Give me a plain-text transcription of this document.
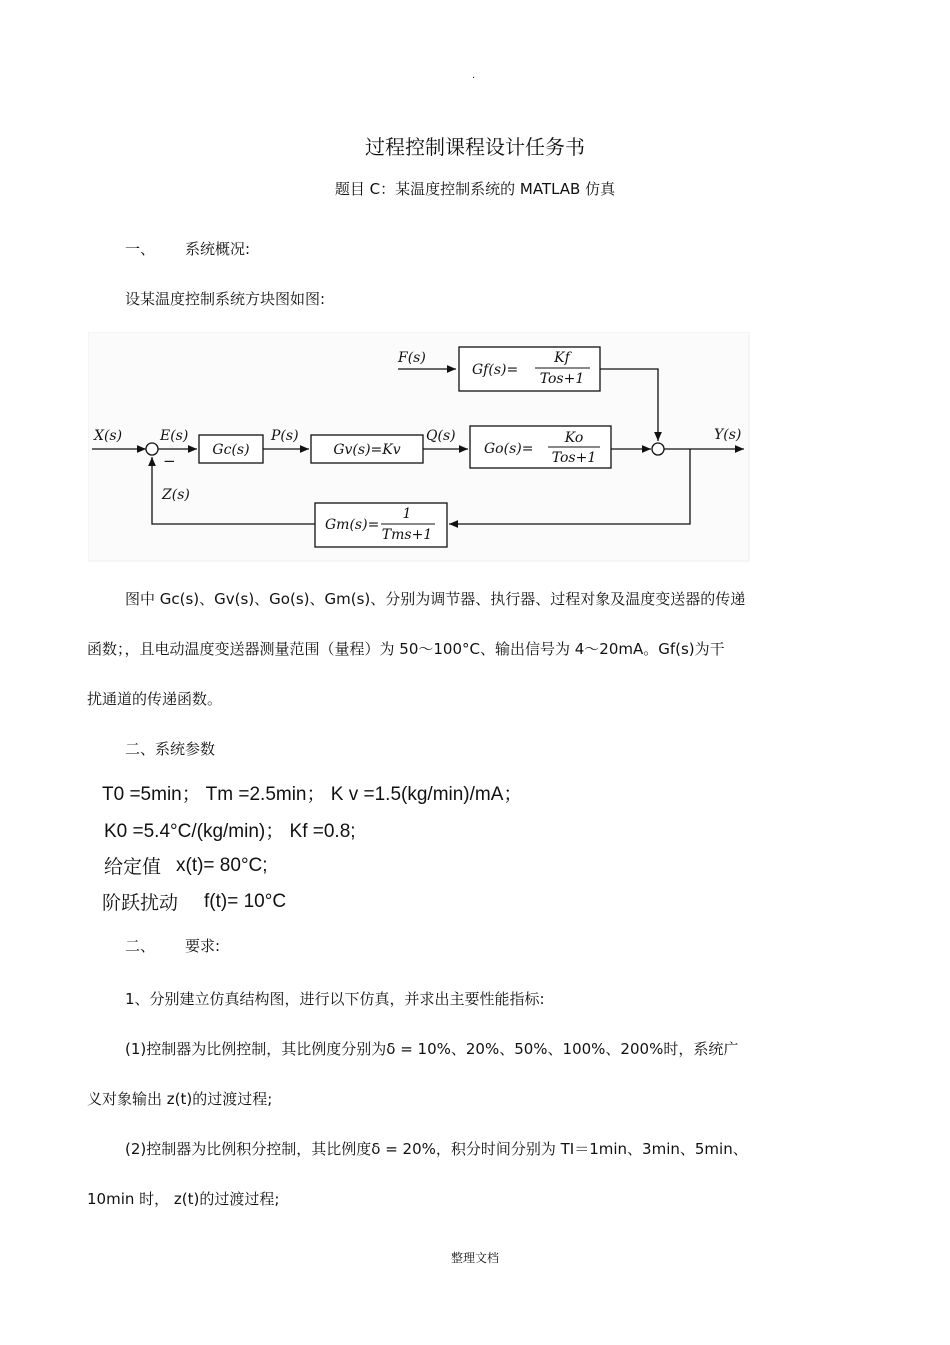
.
过程控制课程设计任务书
题目 C：某温度控制系统的 MATLAB 仿真
一、 系统概况:
设某温度控制系统方块图如图:
X(s)	E(s)
−
P(s)	Q(s)	Y(s)
Z(s)
F(s)
Gc(s)	Gv(s)=Kv	Go(s)=
Ko
Tos+1
Gf(s)=
Kf
Tos+1
Gm(s)=
1
Tms+1
图中 Gc(s)、Gv(s)、Go(s)、Gm(s)、分别为调节器、执行器、过程对象及温度变送器的传递
函数；，且电动温度变送器测量范围（量程）为 50～100°C、输出信号为 4～20mA。Gf(s)为干
扰通道的传递函数。
二、系统参数
T0 =5min； Tm =2.5min； K v =1.5(kg/min)/mA；
K0 =5.4°C/(kg/min)； Kf =0.8;
给定值 x(t)= 80°C;
阶跃扰动 f(t)= 10°C
二、 要求:
1、分别建立仿真结构图，进行以下仿真，并求出主要性能指标:
(1)控制器为比例控制，其比例度分别为δ = 10%、20%、50%、100%、200%时，系统广
义对象输出 z(t)的过渡过程;
(2)控制器为比例积分控制，其比例度δ = 20%，积分时间分别为 TI＝1min、3min、5min、
10min 时， z(t)的过渡过程;
整理文档
